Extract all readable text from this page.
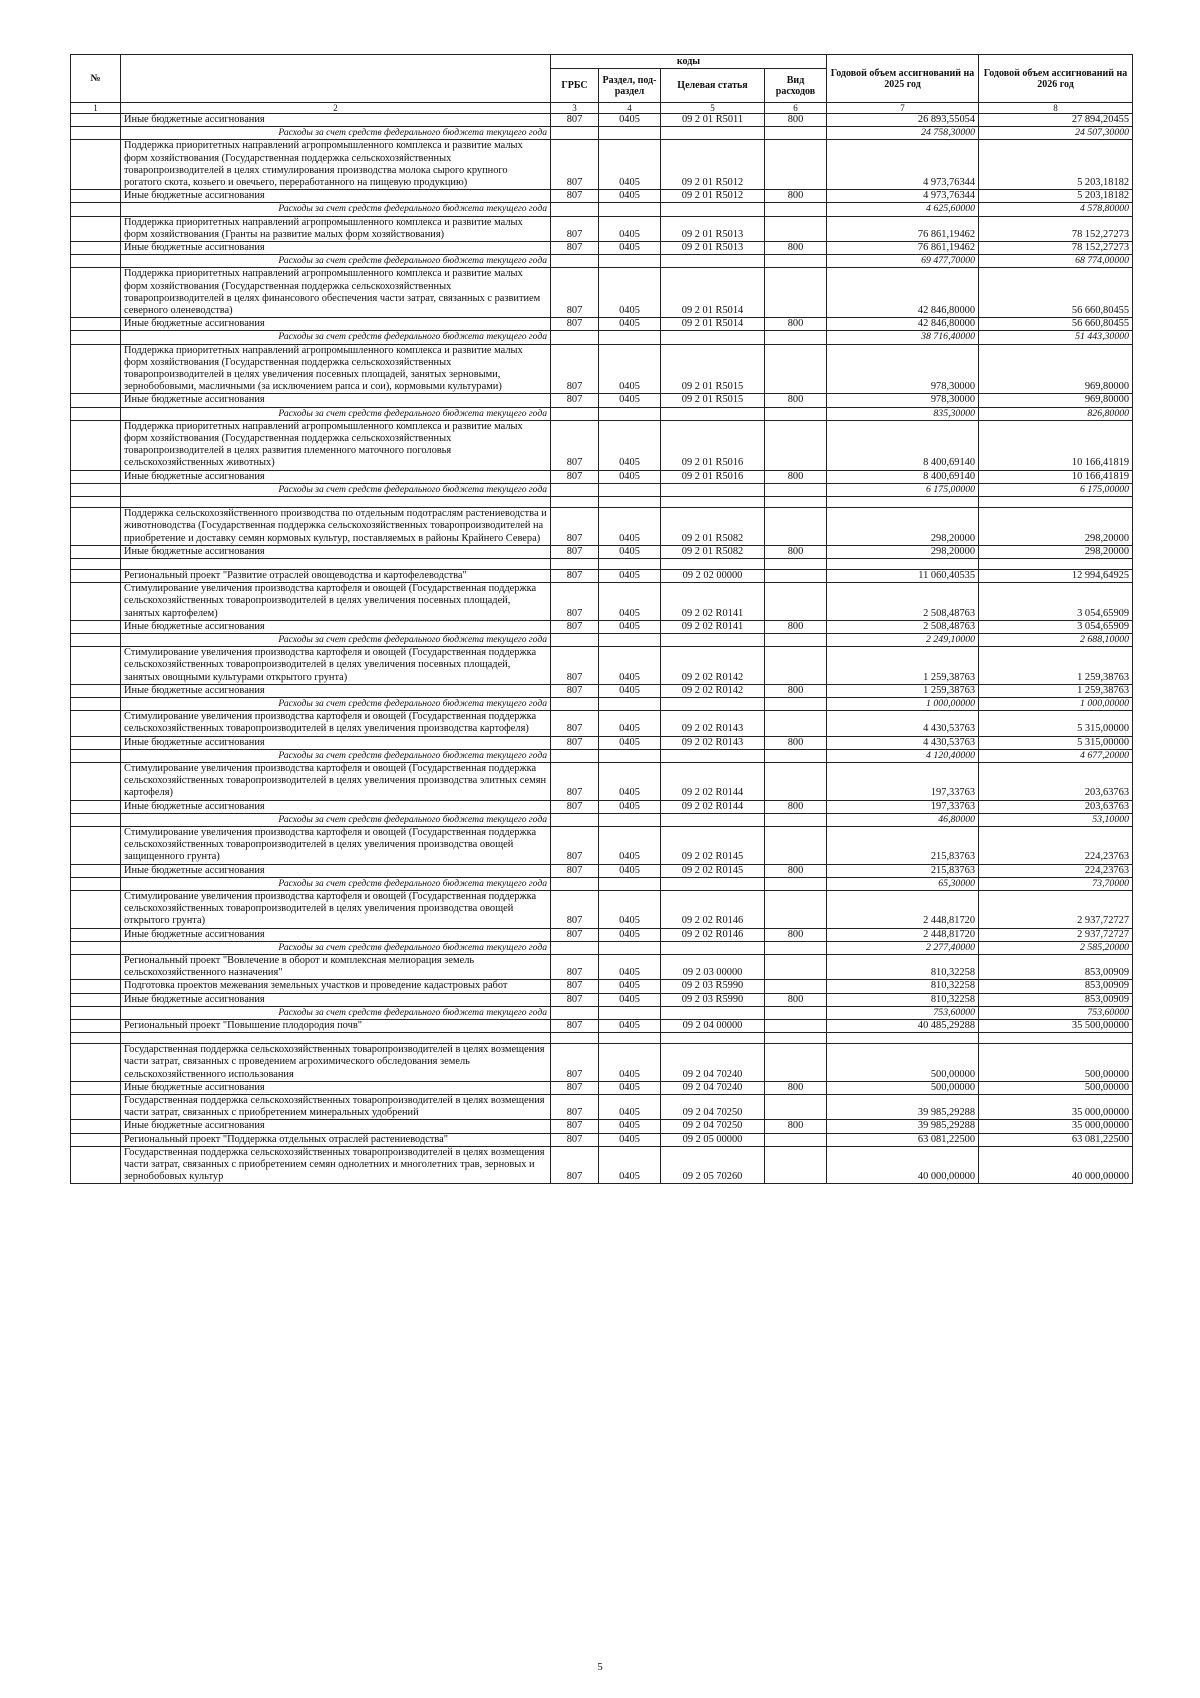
№		коды				Годовой объем ассигнований на 2025 год	Годовой объем ассигнований на 2026 год
		ГРБС	Раздел, под-раздел	Целевая статья	Вид расходов		
1	2	3	4	5	6	7	8
	Иные бюджетные ассигнования	807	0405	09 2 01 R5011	800	26 893,55054	27 894,20455
	Расходы за счет средств федерального бюджета текущего года					24 758,30000	24 507,30000
	Поддержка приоритетных направлений агропромышленного комплекса и развитие малых форм хозяйствования (Государственная поддержка сельскохозяйственных товаропроизводителей в целях стимулирования производства молока сырого крупного рогатого скота, козьего и овечьего, переработанного на пищевую продукцию)	807	0405	09 2 01 R5012		4 973,76344	5 203,18182
	Иные бюджетные ассигнования	807	0405	09 2 01 R5012	800	4 973,76344	5 203,18182
	Расходы за счет средств федерального бюджета текущего года					4 625,60000	4 578,80000
	Поддержка приоритетных направлений агропромышленного комплекса и развитие малых форм хозяйствования (Гранты на развитие малых форм хозяйствования)	807	0405	09 2 01 R5013		76 861,19462	78 152,27273
	Иные бюджетные ассигнования	807	0405	09 2 01 R5013	800	76 861,19462	78 152,27273
	Расходы за счет средств федерального бюджета текущего года					69 477,70000	68 774,00000
	Поддержка приоритетных направлений агропромышленного комплекса и развитие малых форм хозяйствования (Государственная поддержка сельскохозяйственных товаропроизводителей в целях финансового обеспечения части затрат, связанных с развитием северного оленеводства)	807	0405	09 2 01 R5014		42 846,80000	56 660,80455
	Иные бюджетные ассигнования	807	0405	09 2 01 R5014	800	42 846,80000	56 660,80455
	Расходы за счет средств федерального бюджета текущего года					38 716,40000	51 443,30000
	Поддержка приоритетных направлений агропромышленного комплекса и развитие малых форм хозяйствования (Государственная поддержка сельскохозяйственных товаропроизводителей в целях увеличения посевных площадей, занятых зерновыми, зернобобовыми, масличными (за исключением рапса и сои), кормовыми культурами)	807	0405	09 2 01 R5015		978,30000	969,80000
	Иные бюджетные ассигнования	807	0405	09 2 01 R5015	800	978,30000	969,80000
	Расходы за счет средств федерального бюджета текущего года					835,30000	826,80000
	Поддержка приоритетных направлений агропромышленного комплекса и развитие малых форм хозяйствования (Государственная поддержка сельскохозяйственных товаропроизводителей в целях развития племенного маточного поголовья сельскохозяйственных животных)	807	0405	09 2 01 R5016		8 400,69140	10 166,41819
	Иные бюджетные ассигнования	807	0405	09 2 01 R5016	800	8 400,69140	10 166,41819
	Расходы за счет средств федерального бюджета текущего года					6 175,00000	6 175,00000

	Поддержка сельскохозяйственного производства по отдельным подотраслям растениеводства и животноводства (Государственная поддержка сельскохозяйственных товаропроизводителей на приобретение и доставку семян кормовых культур, поставляемых в районы Крайнего Севера)	807	0405	09 2 01 R5082		298,20000	298,20000
	Иные бюджетные ассигнования	807	0405	09 2 01 R5082	800	298,20000	298,20000

	Региональный проект "Развитие отраслей овощеводства и картофелеводства"	807	0405	09 2 02 00000		11 060,40535	12 994,64925
	Стимулирование увеличения производства картофеля и овощей (Государственная поддержка сельскохозяйственных товаропроизводителей в целях увеличения посевных площадей, занятых картофелем)	807	0405	09 2 02 R0141		2 508,48763	3 054,65909
	Иные бюджетные ассигнования	807	0405	09 2 02 R0141	800	2 508,48763	3 054,65909
	Расходы за счет средств федерального бюджета текущего года					2 249,10000	2 688,10000
	Стимулирование увеличения производства картофеля и овощей (Государственная поддержка сельскохозяйственных товаропроизводителей в целях увеличения посевных площадей, занятых овощными культурами открытого грунта)	807	0405	09 2 02 R0142		1 259,38763	1 259,38763
	Иные бюджетные ассигнования	807	0405	09 2 02 R0142	800	1 259,38763	1 259,38763
	Расходы за счет средств федерального бюджета текущего года					1 000,00000	1 000,00000
	Стимулирование увеличения производства картофеля и овощей (Государственная поддержка сельскохозяйственных товаропроизводителей в целях увеличения производства картофеля)	807	0405	09 2 02 R0143		4 430,53763	5 315,00000
	Иные бюджетные ассигнования	807	0405	09 2 02 R0143	800	4 430,53763	5 315,00000
	Расходы за счет средств федерального бюджета текущего года					4 120,40000	4 677,20000
	Стимулирование увеличения производства картофеля и овощей (Государственная поддержка сельскохозяйственных товаропроизводителей в целях увеличения производства элитных семян картофеля)	807	0405	09 2 02 R0144		197,33763	203,63763
	Иные бюджетные ассигнования	807	0405	09 2 02 R0144	800	197,33763	203,63763
	Расходы за счет средств федерального бюджета текущего года					46,80000	53,10000
	Стимулирование увеличения производства картофеля и овощей (Государственная поддержка сельскохозяйственных товаропроизводителей в целях увеличения производства овощей защищенного грунта)	807	0405	09 2 02 R0145		215,83763	224,23763
	Иные бюджетные ассигнования	807	0405	09 2 02 R0145	800	215,83763	224,23763
	Расходы за счет средств федерального бюджета текущего года					65,30000	73,70000
	Стимулирование увеличения производства картофеля и овощей (Государственная поддержка сельскохозяйственных товаропроизводителей в целях увеличения производства овощей открытого грунта)	807	0405	09 2 02 R0146		2 448,81720	2 937,72727
	Иные бюджетные ассигнования	807	0405	09 2 02 R0146	800	2 448,81720	2 937,72727
	Расходы за счет средств федерального бюджета текущего года					2 277,40000	2 585,20000
	Региональный проект "Вовлечение в оборот и комплексная мелиорация земель сельскохозяйственного назначения"	807	0405	09 2 03 00000		810,32258	853,00909
	Подготовка проектов межевания земельных участков и проведение кадастровых работ	807	0405	09 2 03 R5990		810,32258	853,00909
	Иные бюджетные ассигнования	807	0405	09 2 03 R5990	800	810,32258	853,00909
	Расходы за счет средств федерального бюджета текущего года					753,60000	753,60000
	Региональный проект "Повышение плодородия почв"	807	0405	09 2 04 00000		40 485,29288	35 500,00000

	Государственная поддержка сельскохозяйственных товаропроизводителей в целях возмещения части затрат, связанных с проведением агрохимического обследования земель сельскохозяйственного использования	807	0405	09 2 04 70240		500,00000	500,00000
	Иные бюджетные ассигнования	807	0405	09 2 04 70240	800	500,00000	500,00000
	Государственная поддержка сельскохозяйственных товаропроизводителей в целях возмещения части затрат, связанных с приобретением минеральных удобрений	807	0405	09 2 04 70250		39 985,29288	35 000,00000
	Иные бюджетные ассигнования	807	0405	09 2 04 70250	800	39 985,29288	35 000,00000
	Региональный проект "Поддержка отдельных отраслей растениеводства"	807	0405	09 2 05 00000		63 081,22500	63 081,22500
	Государственная поддержка сельскохозяйственных товаропроизводителей в целях возмещения части затрат, связанных с приобретением семян однолетних и многолетних трав, зерновых и зернобобовых культур	807	0405	09 2 05 70260		40 000,00000	40 000,00000
5
